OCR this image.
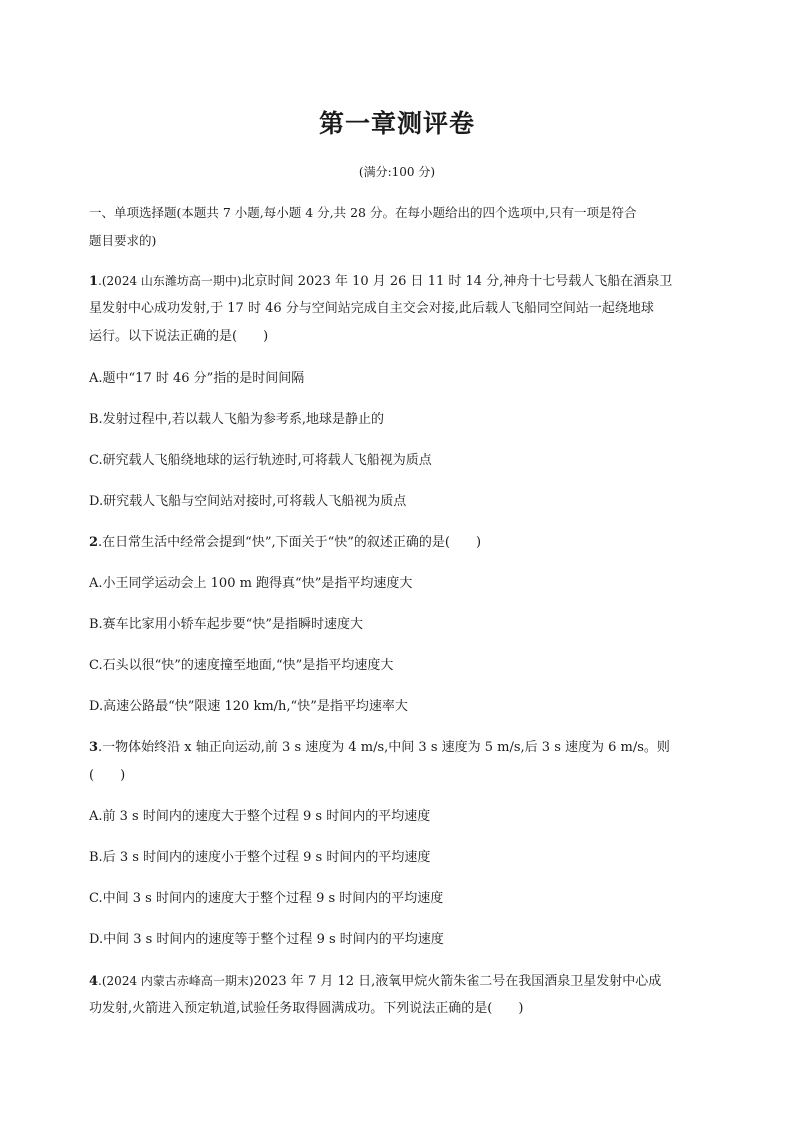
第一章测评卷
(满分:100 分)
一、单项选择题(本题共 7 小题,每小题 4 分,共 28 分。在每小题给出的四个选项中,只有一项是符合
题目要求的)
1.(2024 山东潍坊高一期中)北京时间 2023 年 10 月 26 日 11 时 14 分,神舟十七号载人飞船在酒泉卫
星发射中心成功发射,于 17 时 46 分与空间站完成自主交会对接,此后载人飞船同空间站一起绕地球
运行。以下说法正确的是(　　)
A.题中“17 时 46 分”指的是时间间隔
B.发射过程中,若以载人飞船为参考系,地球是静止的
C.研究载人飞船绕地球的运行轨迹时,可将载人飞船视为质点
D.研究载人飞船与空间站对接时,可将载人飞船视为质点
2.在日常生活中经常会提到“快”,下面关于“快”的叙述正确的是(　　)
A.小王同学运动会上 100 m 跑得真“快”是指平均速度大
B.赛车比家用小轿车起步要“快”是指瞬时速度大
C.石头以很“快”的速度撞至地面,“快”是指平均速度大
D.高速公路最“快”限速 120 km/h,“快”是指平均速率大
3.一物体始终沿 x 轴正向运动,前 3 s 速度为 4 m/s,中间 3 s 速度为 5 m/s,后 3 s 速度为 6 m/s。则
(　　)
A.前 3 s 时间内的速度大于整个过程 9 s 时间内的平均速度
B.后 3 s 时间内的速度小于整个过程 9 s 时间内的平均速度
C.中间 3 s 时间内的速度大于整个过程 9 s 时间内的平均速度
D.中间 3 s 时间内的速度等于整个过程 9 s 时间内的平均速度
4.(2024 内蒙古赤峰高一期末)2023 年 7 月 12 日,液氧甲烷火箭朱雀二号在我国酒泉卫星发射中心成
功发射,火箭进入预定轨道,试验任务取得圆满成功。下列说法正确的是(　　)
